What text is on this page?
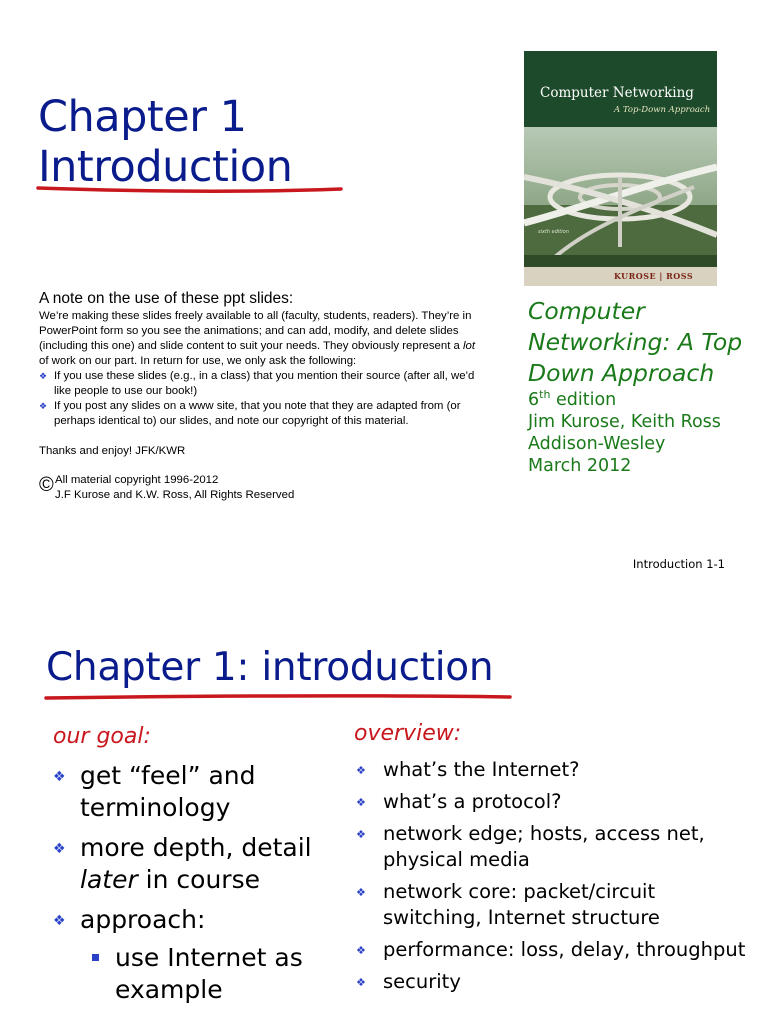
Chapter 1
Introduction
Computer Networking
A Top-Down Approach
sixth edition
KUROSE | ROSS
A note on the use of these ppt slides:

We’re making these slides freely available to all (faculty, students, readers). They’re in PowerPoint form so you see the animations; and can add, modify, and delete slides (including this one) and slide content to suit your needs. They obviously represent a lot of work on our part. In return for use, we only ask the following:

❖ If you use these slides (e.g., in a class) that you mention their source (after all, we’d like people to use our book!)
❖ If you post any slides on a www site, that you note that they are adapted from (or perhaps identical to) our slides, and note our copyright of this material.

Thanks and enjoy! JFK/KWR

© All material copyright 1996-2012
J.F Kurose and K.W. Ross, All Rights Reserved
Computer
Networking: A Top
Down Approach
6th edition
Jim Kurose, Keith Ross
Addison-Wesley
March 2012
Introduction 1-1
Chapter 1: introduction
our goal:
❖ get “feel” and terminology
❖ more depth, detail later in course
❖ approach:
use Internet as example
overview:
❖ what’s the Internet?
❖ what’s a protocol?
❖ network edge; hosts, access net, physical media
❖ network core: packet/circuit switching, Internet structure
❖ performance: loss, delay, throughput
❖ security
